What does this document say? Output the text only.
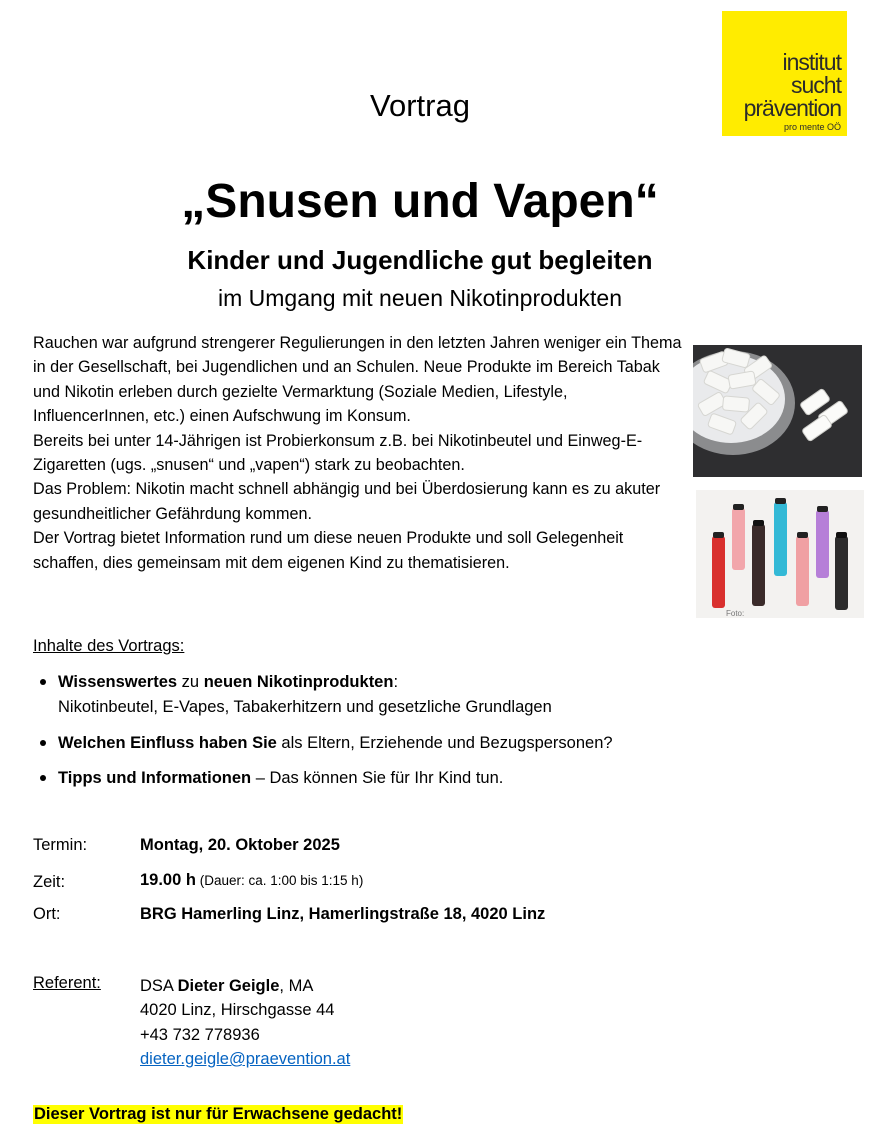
institut
sucht
prävention
pro mente OÖ
Vortrag
„Snusen und Vapen“
Kinder und Jugendliche gut begleiten
im Umgang mit neuen Nikotinprodukten

Rauchen war aufgrund strengerer Regulierungen in den letzten Jahren weniger ein Thema in der Gesellschaft, bei Jugendlichen und an Schulen. Neue Produkte im Bereich Tabak und Nikotin erleben durch gezielte Vermarktung (Soziale Medien, Lifestyle, InfluencerInnen, etc.) einen Aufschwung im Konsum.

Bereits bei unter 14-Jährigen ist Probierkonsum z.B. bei Nikotinbeutel und Einweg-E-Zigaretten (ugs. „snusen“ und „vapen“) stark zu beobachten.

Das Problem: Nikotin macht schnell abhängig und bei Überdosierung kann es zu akuter gesundheitlicher Gefährdung kommen.

Der Vortrag bietet Information rund um diese neuen Produkte und soll Gelegenheit schaffen, dies gemeinsam mit dem eigenen Kind zu thematisieren.

Foto:
Inhalte des Vortrags:
Wissenswertes zu neuen Nikotinprodukten:
Nikotinbeutel, E-Vapes, Tabakerhitzern und gesetzliche Grundlagen
Welchen Einfluss haben Sie als Eltern, Erziehende und Bezugspersonen?
Tipps und Informationen – Das können Sie für Ihr Kind tun.
Termin:	Montag, 20. Oktober 2025
Zeit:	19.00 h (Dauer: ca. 1:00 bis 1:15 h)
Ort:	BRG Hamerling Linz, Hamerlingstraße 18, 4020 Linz
Referent: DSA Dieter Geigle, MA
4020 Linz, Hirschgasse 44
+43 732 778936
dieter.geigle@praevention.at
Dieser Vortrag ist nur für Erwachsene gedacht!
